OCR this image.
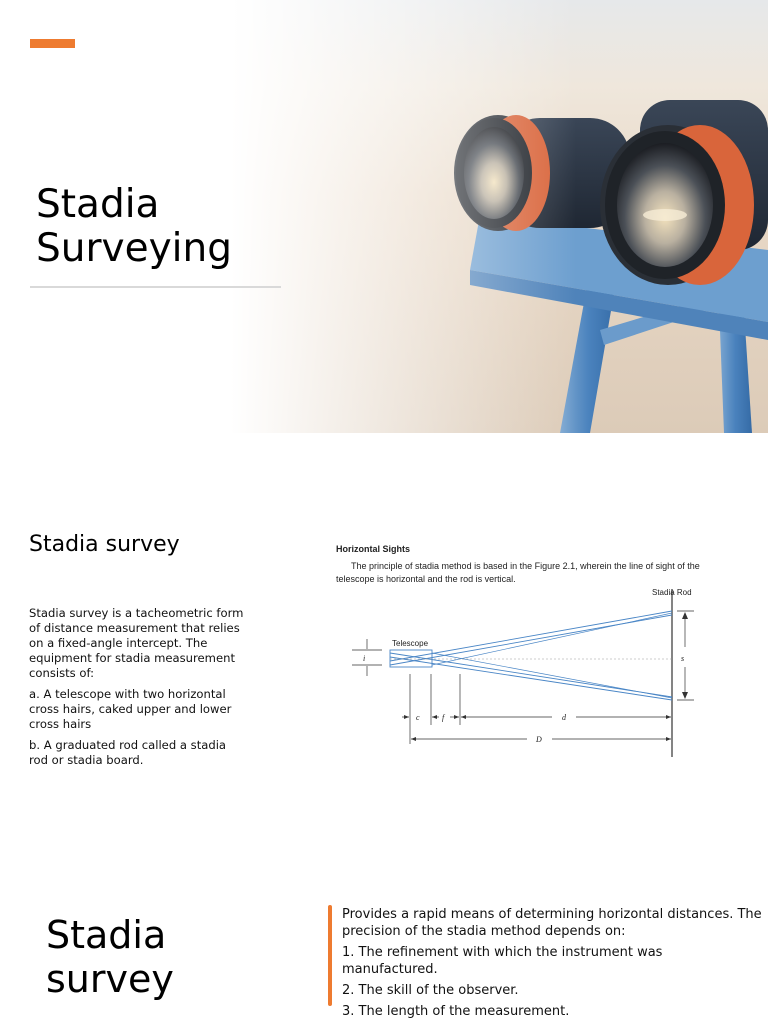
Stadia
Surveying
Stadia survey

Stadia survey is a tacheometric form of distance measurement that relies on a fixed-angle intercept. The equipment for stadia measurement consists of:

a. A telescope with two horizontal cross hairs, caked upper and lower cross hairs

b. A graduated rod called a stadia rod or stadia board.

Horizontal Sights
The principle of stadia method is based in the Figure 2.1, wherein the line of sight of the telescope is horizontal and the rod is vertical.
Stadia Rod
Telescope
i	s
c	f	d
D
Stadia
survey

Provides a rapid means of determining horizontal distances. The precision of the stadia method depends on:

1. The refinement with which the instrument was manufactured.

2. The skill of the observer.

3. The length of the measurement.
